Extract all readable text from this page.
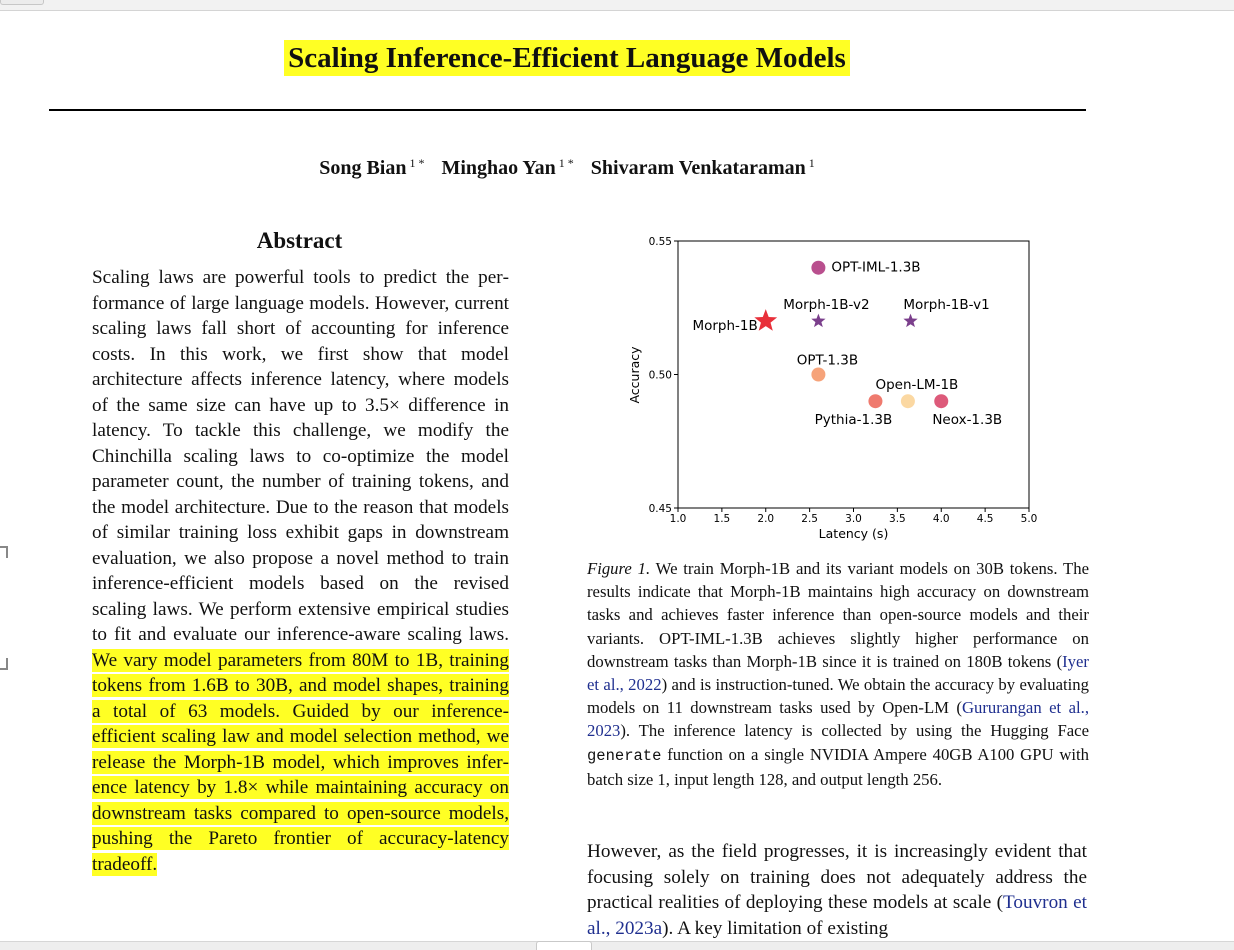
Scaling Inference-Efficient Language Models
Song Bian $^{1 *}$ Minghao Yan $^{1 *}$ Shivaram Venkataraman $^1$
Abstract
Scaling laws are powerful tools to predict the performance of large language models. However, current scaling laws fall short of accounting for inference costs. In this work, we first show that model architecture affects inference latency, where models of the same size can have up to 3.5× difference in latency. To tackle this challenge, we modify the Chinchilla scaling laws to co-optimize the model parameter count, the number of training tokens, and the model architecture. Due to the reason that models of similar training loss exhibit gaps in downstream evaluation, we also propose a novel method to train inference-efficient models based on the revised scaling laws. We perform extensive empirical studies to fit and evaluate our inference-aware scaling laws. We vary model parameters from 80M to 1B, training tokens from 1.6B to 30B, and model shapes, training a total of 63 models. Guided by our inference-efficient scaling law and model selection method, we release the Morph-1B model, which improves inference latency by 1.8× while maintaining accuracy on downstream tasks compared to open-source models, pushing the Pareto frontier of accuracy-latency tradeoff.
1.0	1.5	2.0	2.5	3.0	3.5	4.0	4.5	5.0
0.45
0.50
0.55
Morph-1B
Morph-1B-v2 Morph-1B-v1
OPT-IML-1.3B
OPT-1.3B
Pythia-1.3B
Open-LM-1B
Neox-1.3B
Latency (s)
Accuracy
Figure 1. We train Morph-1B and its variant models on 30B tokens. The results indicate that Morph-1B maintains high accuracy on downstream tasks and achieves faster inference than open-source models and their variants. OPT-IML-1.3B achieves slightly higher performance on downstream tasks than Morph-1B since it is trained on 180B tokens (Iyer et al., 2022) and is instruction-tuned. We obtain the accuracy by evaluating models on 11 downstream tasks used by Open-LM (Gururangan et al., 2023). The inference latency is collected by using the Hugging Face generate function on a single NVIDIA Ampere 40GB A100 GPU with batch size 1, input length 128, and output length 256.
However, as the field progresses, it is increasingly evident that focusing solely on training does not adequately address the practical realities of deploying these models at scale (Touvron et al., 2023a). A key limitation of existing
